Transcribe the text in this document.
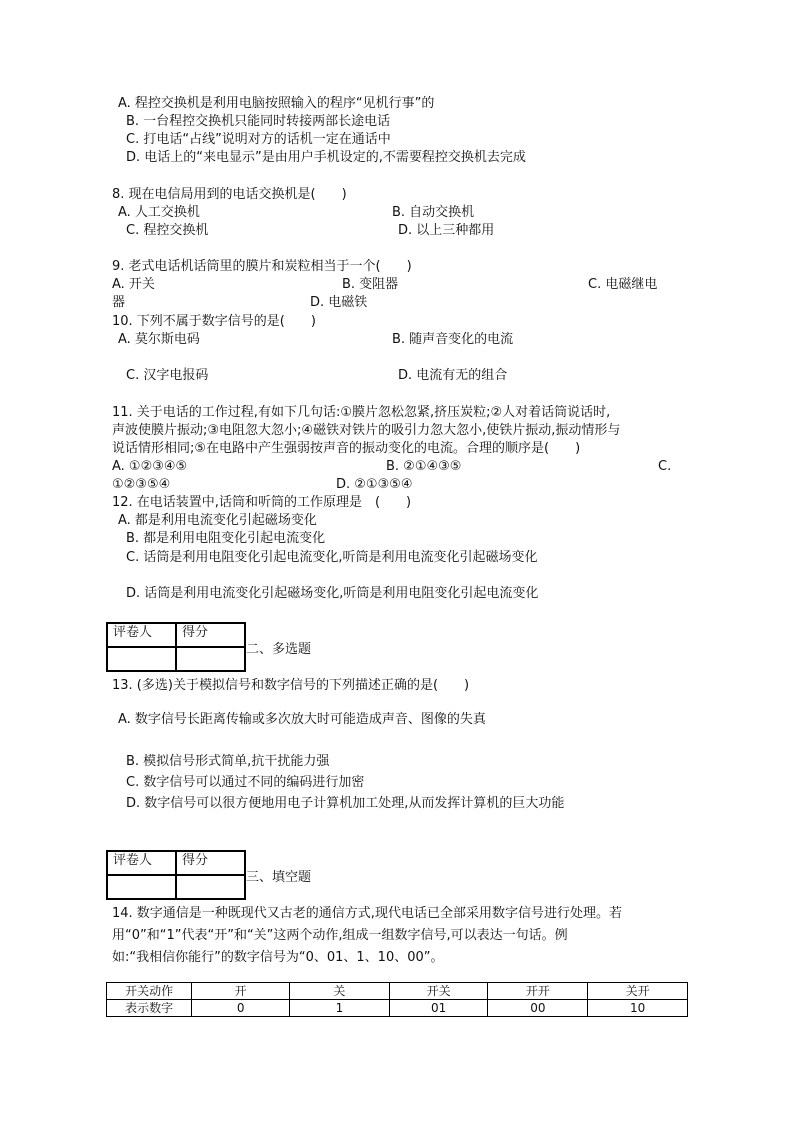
A. 程控交换机是利用电脑按照输入的程序“见机行事”的
B. 一台程控交换机只能同时转接两部长途电话
C. 打电话“占线”说明对方的话机一定在通话中
D. 电话上的“来电显示”是由用户手机设定的,不需要程控交换机去完成
8. 现在电信局用到的电话交换机是(　　)
A. 人工交换机	B. 自动交换机
C. 程控交换机	D. 以上三种都用
9. 老式电话机话筒里的膜片和炭粒相当于一个(　　)
A. 开关	B. 变阻器	C. 电磁继电
器	D. 电磁铁
10. 下列不属于数字信号的是(　　)
A. 莫尔斯电码	B. 随声音变化的电流
C. 汉字电报码	D. 电流有无的组合
11. 关于电话的工作过程,有如下几句话:①膜片忽松忽紧,挤压炭粒;②人对着话筒说话时,
声波使膜片振动;③电阻忽大忽小;④磁铁对铁片的吸引力忽大忽小,使铁片振动,振动情形与
说话情形相同;⑤在电路中产生强弱按声音的振动变化的电流。合理的顺序是(　　)
A. ①②③④⑤	B. ②①④③⑤	C.
①②③⑤④	D. ②①③⑤④
12. 在电话装置中,话筒和听筒的工作原理是　(　　)
A. 都是利用电流变化引起磁场变化
B. 都是利用电阻变化引起电流变化
C. 话筒是利用电阻变化引起电流变化,听筒是利用电流变化引起磁场变化
D. 话筒是利用电流变化引起磁场变化,听筒是利用电阻变化引起电流变化
评卷人	得分

二、多选题
13. (多选)关于模拟信号和数字信号的下列描述正确的是(　　)
A. 数字信号长距离传输或多次放大时可能造成声音、图像的失真
B. 模拟信号形式简单,抗干扰能力强
C. 数字信号可以通过不同的编码进行加密
D. 数字信号可以很方便地用电子计算机加工处理,从而发挥计算机的巨大功能
评卷人	得分

三、填空题
14. 数字通信是一种既现代又古老的通信方式,现代电话已全部采用数字信号进行处理。若
用“0”和“1”代表“开”和“关”这两个动作,组成一组数字信号,可以表达一句话。例
如:“我相信你能行”的数字信号为“0、01、1、10、00”。
开关动作	开	关	开关	开开	关开
表示数字	0	1	01	00	10
